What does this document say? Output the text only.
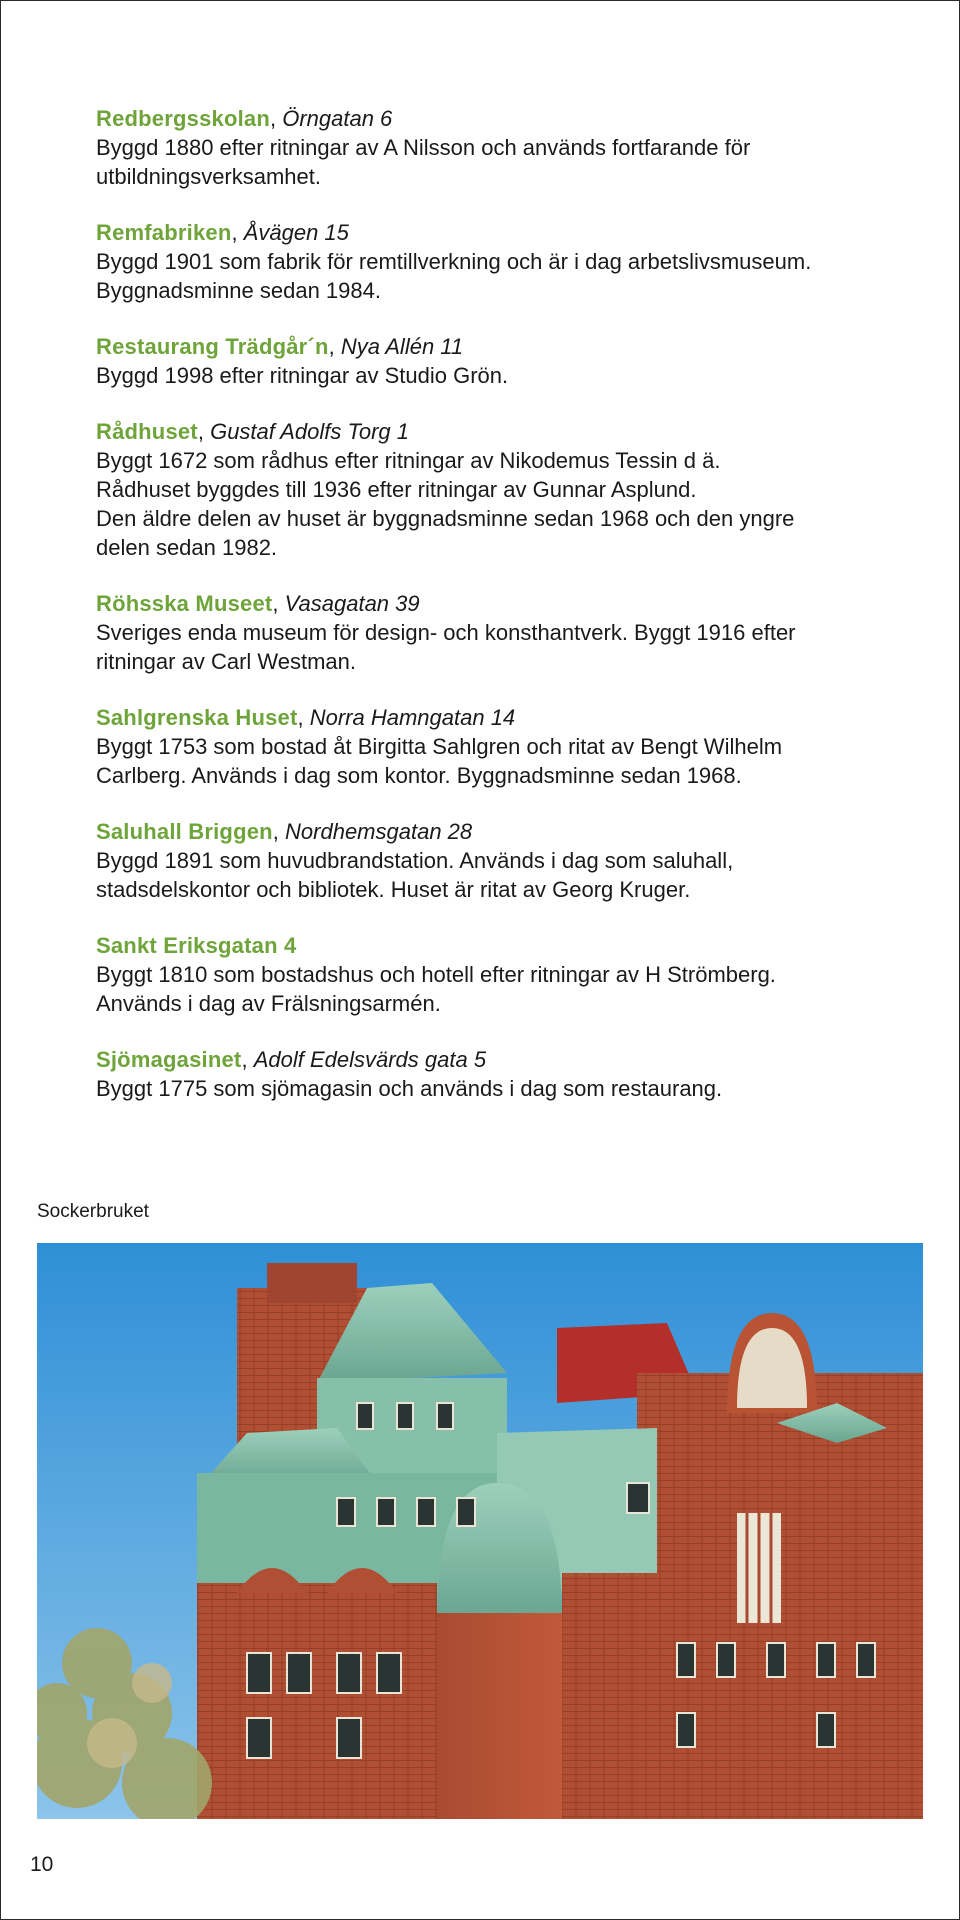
Redbergsskolan, Örngatan 6

Byggd 1880 efter ritningar av A Nilsson och används fortfarande för

utbildningsverksamhet.

Remfabriken, Åvägen 15

Byggd 1901 som fabrik för remtillverkning och är i dag arbetslivsmuseum.

Byggnadsminne sedan 1984.

Restaurang Trädgår´n, Nya Allén 11

Byggd 1998 efter ritningar av Studio Grön.

Rådhuset, Gustaf Adolfs Torg 1

Byggt 1672 som rådhus efter ritningar av Nikodemus Tessin d ä.

Rådhuset byggdes till 1936 efter ritningar av Gunnar Asplund.

Den äldre delen av huset är byggnadsminne sedan 1968 och den yngre

delen sedan 1982.

Röhsska Museet, Vasagatan 39

Sveriges enda museum för design- och konsthantverk. Byggt 1916 efter

ritningar av Carl Westman.

Sahlgrenska Huset, Norra Hamngatan 14

Byggt 1753 som bostad åt Birgitta Sahlgren och ritat av Bengt Wilhelm

Carlberg. Används i dag som kontor. Byggnadsminne sedan 1968.

Saluhall Briggen, Nordhemsgatan 28

Byggd 1891 som huvudbrandstation. Används i dag som saluhall,

stadsdelskontor och bibliotek. Huset är ritat av Georg Kruger.

Sankt Eriksgatan 4

Byggt 1810 som bostadshus och hotell efter ritningar av H Strömberg.

Används i dag av Frälsningsarmén.

Sjömagasinet, Adolf Edelsvärds gata 5

Byggt 1775 som sjömagasin och används i dag som restaurang.

Sockerbruket
10
